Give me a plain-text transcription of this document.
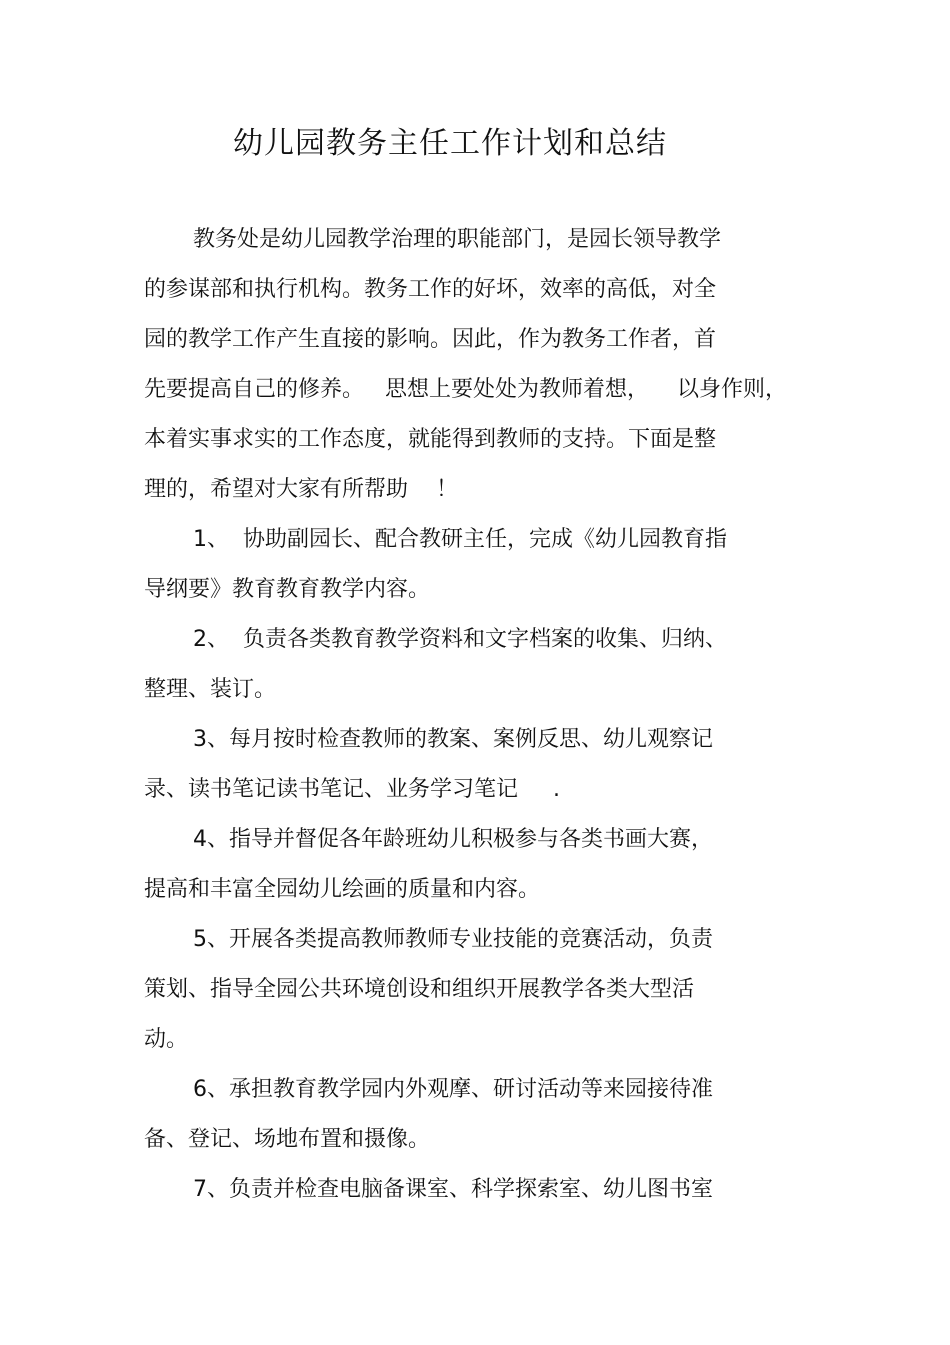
幼儿园教务主任工作计划和总结
教务处是幼儿园教学治理的职能部门，是园长领导教学
的参谋部和执行机构。教务工作的好坏，效率的高低，对全
园的教学工作产生直接的影响。因此，作为教务工作者，首
先要提高自己的修养。   思想上要处处为教师着想，    以身作则，
本着实事求实的工作态度，就能得到教师的支持。下面是整
理的，希望对大家有所帮助    ！
1、  协助副园长、配合教研主任，完成《幼儿园教育指
导纲要》教育教育教学内容。
2、  负责各类教育教学资料和文字档案的收集、归纳、
整理、装订。
3、每月按时检查教师的教案、案例反思、幼儿观察记
录、读书笔记读书笔记、业务学习笔记     .
4、指导并督促各年龄班幼儿积极参与各类书画大赛，
提高和丰富全园幼儿绘画的质量和内容。
5、开展各类提高教师教师专业技能的竞赛活动，负责
策划、指导全园公共环境创设和组织开展教学各类大型活
动。
6、承担教育教学园内外观摩、研讨活动等来园接待准
备、登记、场地布置和摄像。
7、负责并检查电脑备课室、科学探索室、幼儿图书室
